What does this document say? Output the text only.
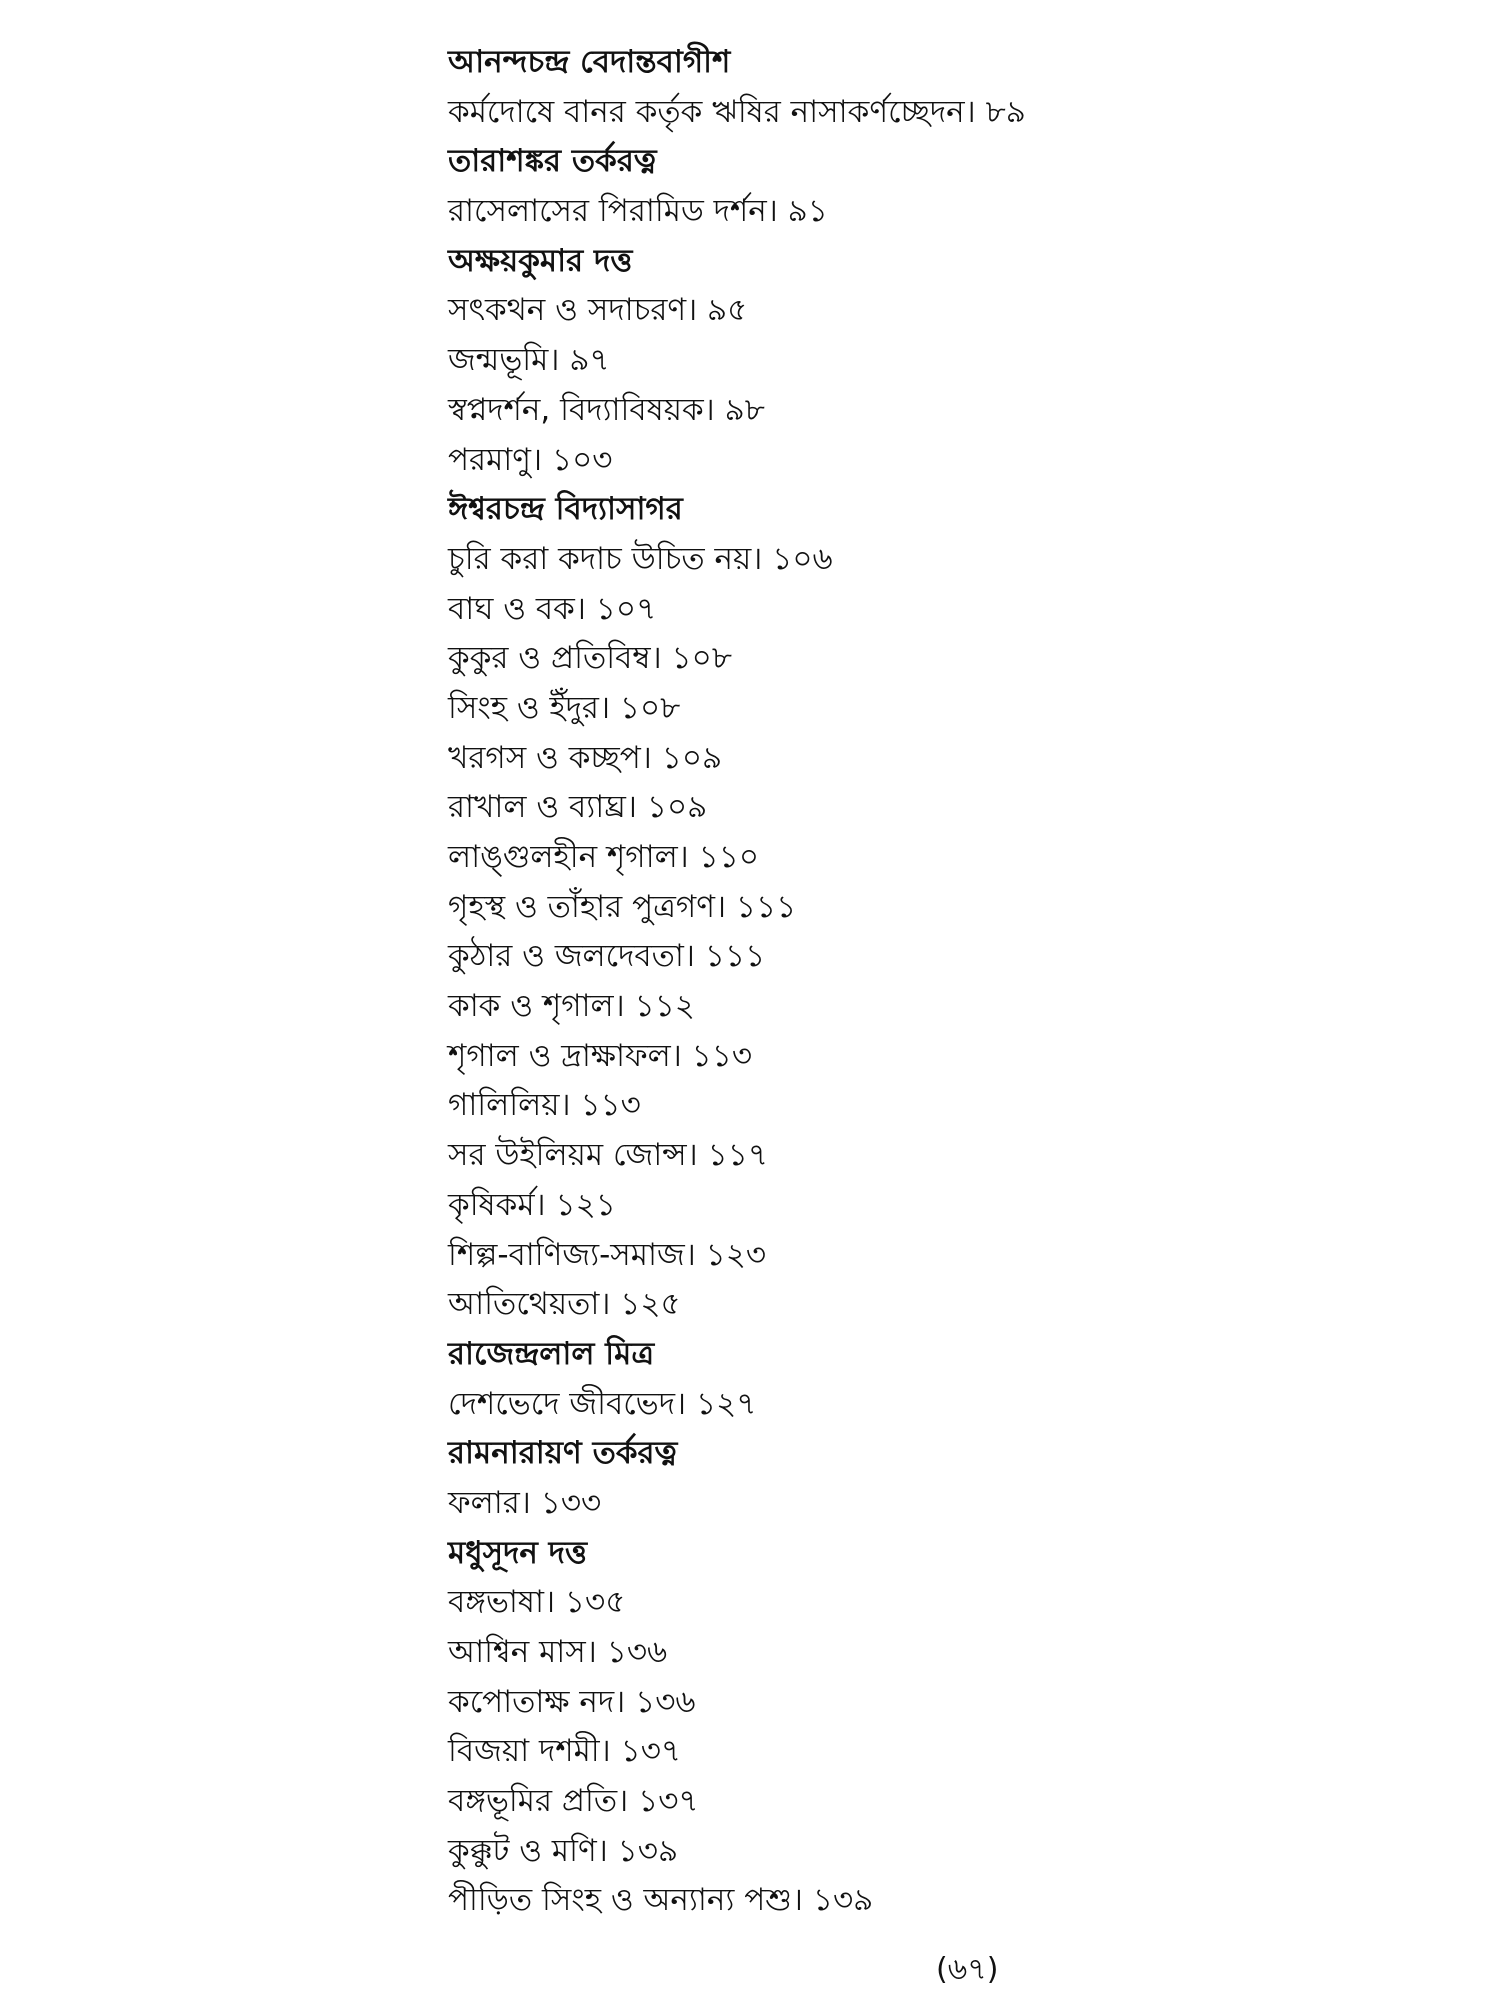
আনন্দচন্দ্র বেদান্তবাগীশ
কর্মদোষে বানর কর্তৃক ঋষির নাসাকর্ণচ্ছেদন। ৮৯
তারাশঙ্কর তর্করত্ন
রাসেলাসের পিরামিড দর্শন। ৯১
অক্ষয়কুমার দত্ত
সৎকথন ও সদাচরণ। ৯৫
জন্মভূমি। ৯৭
স্বপ্নদর্শন, বিদ্যাবিষয়ক। ৯৮
পরমাণু। ১০৩
ঈশ্বরচন্দ্র বিদ্যাসাগর
চুরি করা কদাচ উচিত নয়। ১০৬
বাঘ ও বক। ১০৭
কুকুর ও প্রতিবিম্ব। ১০৮
সিংহ ও ইঁদুর। ১০৮
খরগস ও কচ্ছপ। ১০৯
রাখাল ও ব্যাঘ্র। ১০৯
লাঙ্গুলহীন শৃগাল। ১১০
গৃহস্থ ও তাঁহার পুত্রগণ। ১১১
কুঠার ও জলদেবতা। ১১১
কাক ও শৃগাল। ১১২
শৃগাল ও দ্রাক্ষাফল। ১১৩
গালিলিয়। ১১৩
সর উইলিয়ম জোন্স। ১১৭
কৃষিকর্ম। ১২১
শিল্প-বাণিজ্য-সমাজ। ১২৩
আতিথেয়তা। ১২৫
রাজেন্দ্রলাল মিত্র
দেশভেদে জীবভেদ। ১২৭
রামনারায়ণ তর্করত্ন
ফলার। ১৩৩
মধুসূদন দত্ত
বঙ্গভাষা। ১৩৫
আশ্বিন মাস। ১৩৬
কপোতাক্ষ নদ। ১৩৬
বিজয়া দশমী। ১৩৭
বঙ্গভূমির প্রতি। ১৩৭
কুক্কুট ও মণি। ১৩৯
পীড়িত সিংহ ও অন্যান্য পশু। ১৩৯
(৬৭)
